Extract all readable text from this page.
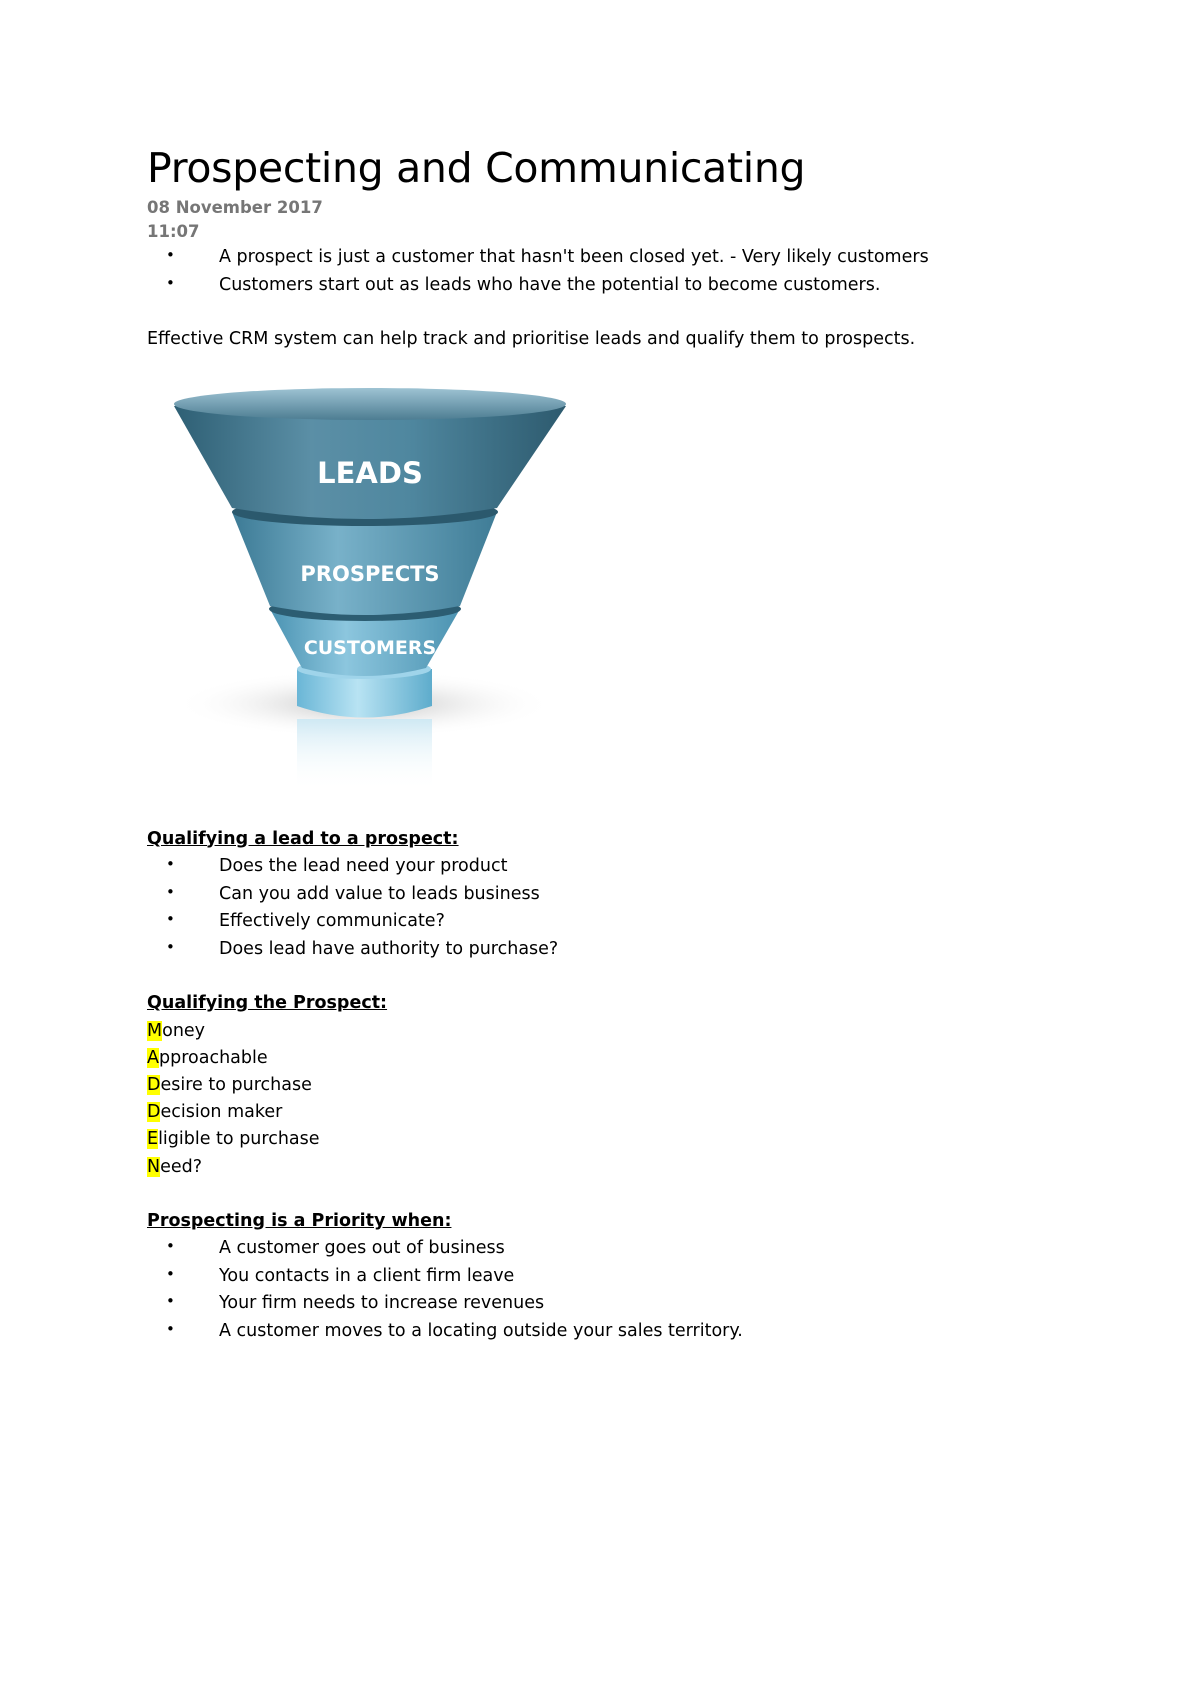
Prospecting and Communicating
08 November 2017
11:07
•	A prospect is just a customer that hasn't been closed yet. - Very likely customers
•	Customers start out as leads who have the potential to become customers.
Effective CRM system can help track and prioritise leads and qualify them to prospects.
LEADS
PROSPECTS
CUSTOMERS
Qualifying a lead to a prospect:
•	Does the lead need your product
•	Can you add value to leads business
•	Effectively communicate?
•	Does lead have authority to purchase?
Qualifying the Prospect:
Money
Approachable
Desire to purchase
Decision maker
Eligible to purchase
Need?
Prospecting is a Priority when:
•	A customer goes out of business
•	You contacts in a client firm leave
•	Your firm needs to increase revenues
•	A customer moves to a locating outside your sales territory.
